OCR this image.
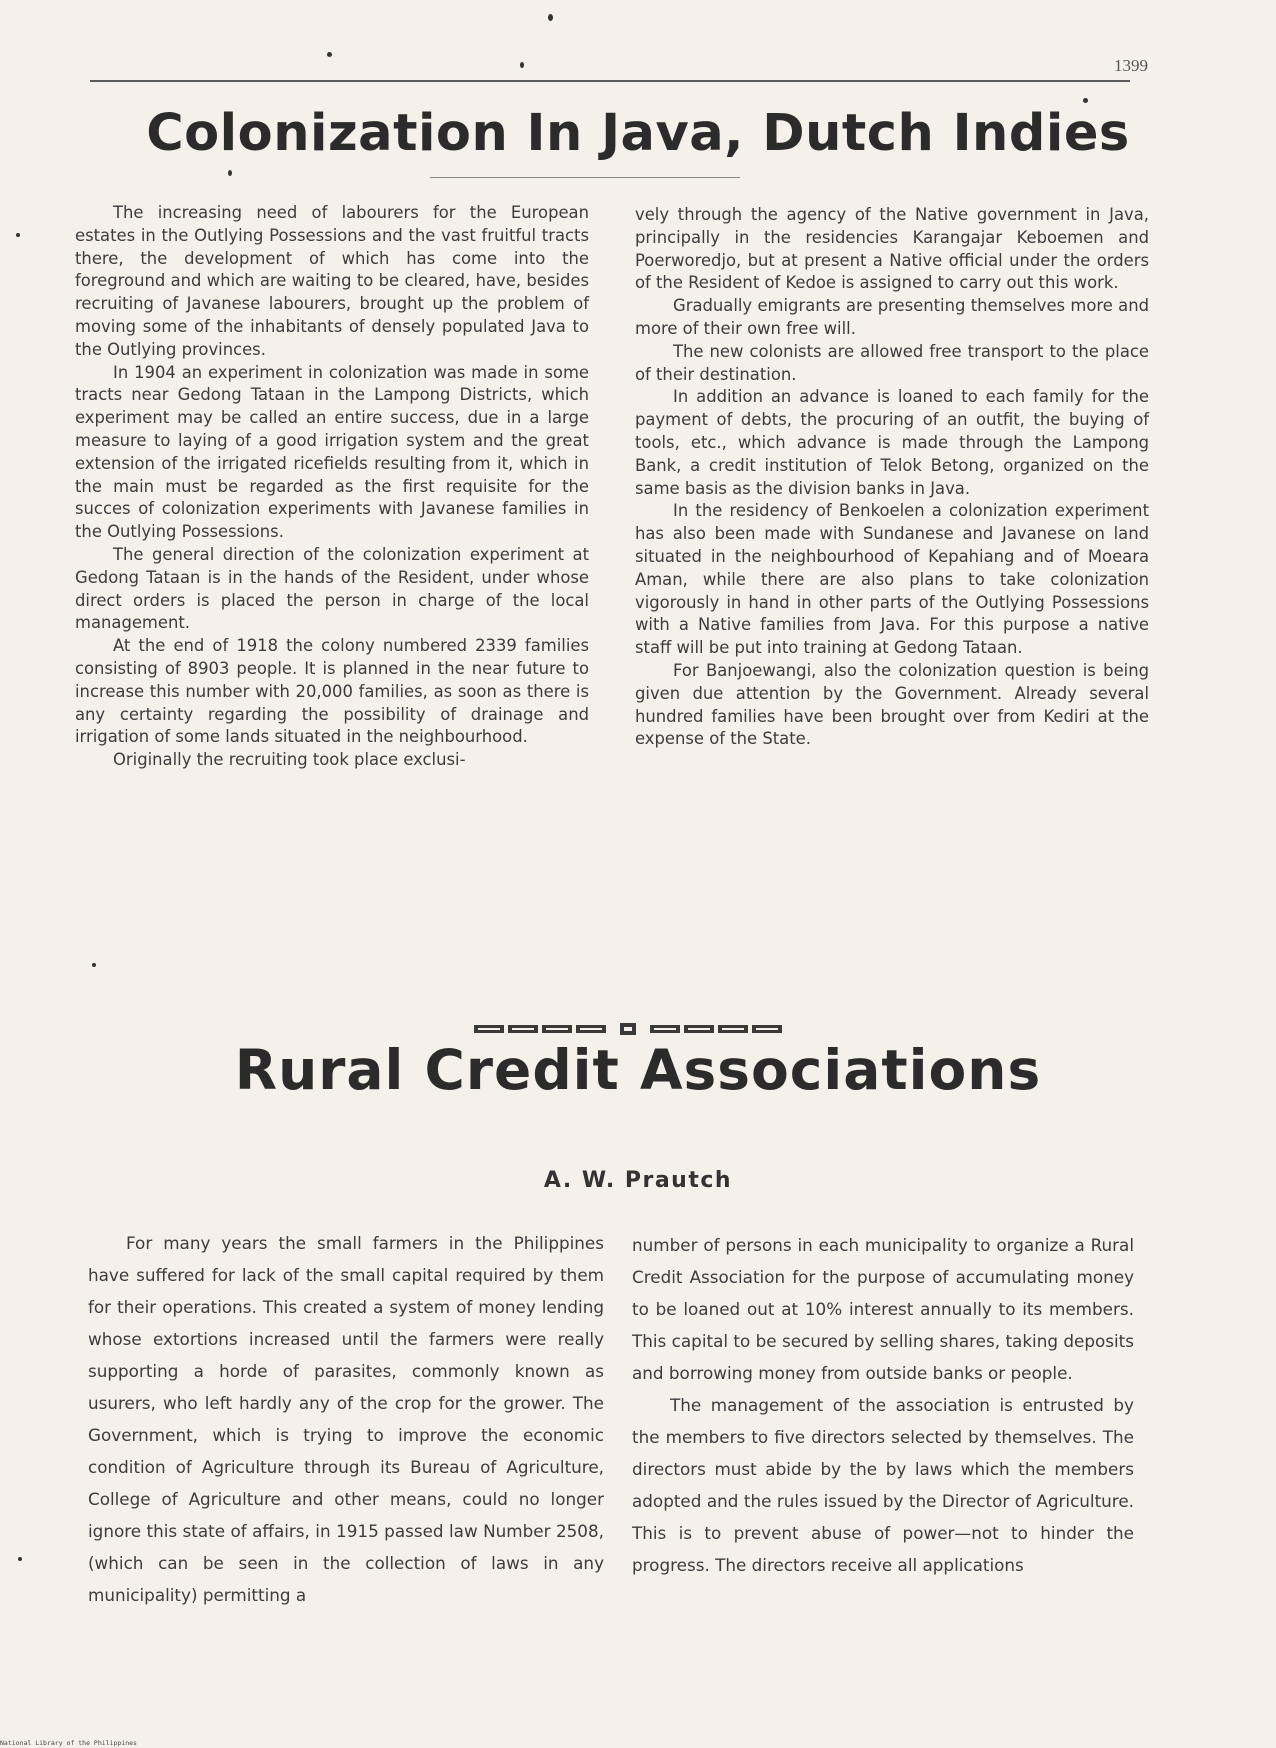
1399
Colonization In Java, Dutch Indies

The increasing need of labourers for the European estates in the Outlying Possessions and the vast fruitful tracts there, the development of which has come into the foreground and which are waiting to be cleared, have, besides recruiting of Javanese labourers, brought up the problem of moving some of the inhabitants of densely populated Java to the Outlying provinces.

In 1904 an experiment in colonization was made in some tracts near Gedong Tataan in the Lampong Districts, which experiment may be called an entire success, due in a large measure to laying of a good irrigation system and the great extension of the irrigated ricefields resulting from it, which in the main must be regarded as the first requisite for the succes of colonization experiments with Javanese families in the Outlying Possessions.

The general direction of the colonization experiment at Gedong Tataan is in the hands of the Resident, under whose direct orders is placed the person in charge of the local management.

At the end of 1918 the colony numbered 2339 families consisting of 8903 people. It is planned in the near future to increase this number with 20,000 families, as soon as there is any certainty regarding the possibility of drainage and irrigation of some lands situated in the neighbourhood.

Originally the recruiting took place exclusi-

vely through the agency of the Native government in Java, principally in the residencies Karangajar Keboemen and Poerworedjo, but at present a Native official under the orders of the Resident of Kedoe is assigned to carry out this work.

Gradually emigrants are presenting themselves more and more of their own free will.

The new colonists are allowed free transport to the place of their destination.

In addition an advance is loaned to each family for the payment of debts, the procuring of an outfit, the buying of tools, etc., which advance is made through the Lampong Bank, a credit institution of Telok Betong, organized on the same basis as the division banks in Java.

In the residency of Benkoelen a colonization experiment has also been made with Sundanese and Javanese on land situated in the neighbourhood of Kepahiang and of Moeara Aman, while there are also plans to take colonization vigorously in hand in other parts of the Outlying Possessions with a Native families from Java. For this purpose a native staff will be put into training at Gedong Tataan.

For Banjoewangi, also the colonization question is being given due attention by the Government. Already several hundred families have been brought over from Kediri at the expense of the State.

Rural Credit Associations
A. W. Prautch

For many years the small farmers in the Philippines have suffered for lack of the small capital required by them for their operations. This created a system of money lending whose extortions increased until the farmers were really supporting a horde of parasites, commonly known as usurers, who left hardly any of the crop for the grower. The Government, which is trying to improve the economic condition of Agriculture through its Bureau of Agriculture, College of Agriculture and other means, could no longer ignore this state of affairs, in 1915 passed law Number 2508, (which can be seen in the collection of laws in any municipality) permitting a

number of persons in each municipality to organize a Rural Credit Association for the purpose of accumulating money to be loaned out at 10% interest annually to its members. This capital to be secured by selling shares, taking deposits and borrowing money from outside banks or people.

The management of the association is entrusted by the members to five directors selected by themselves. The directors must abide by the by laws which the members adopted and the rules issued by the Director of Agriculture. This is to prevent abuse of power—not to hinder the progress. The directors receive all applications

National Library of the Philippines
